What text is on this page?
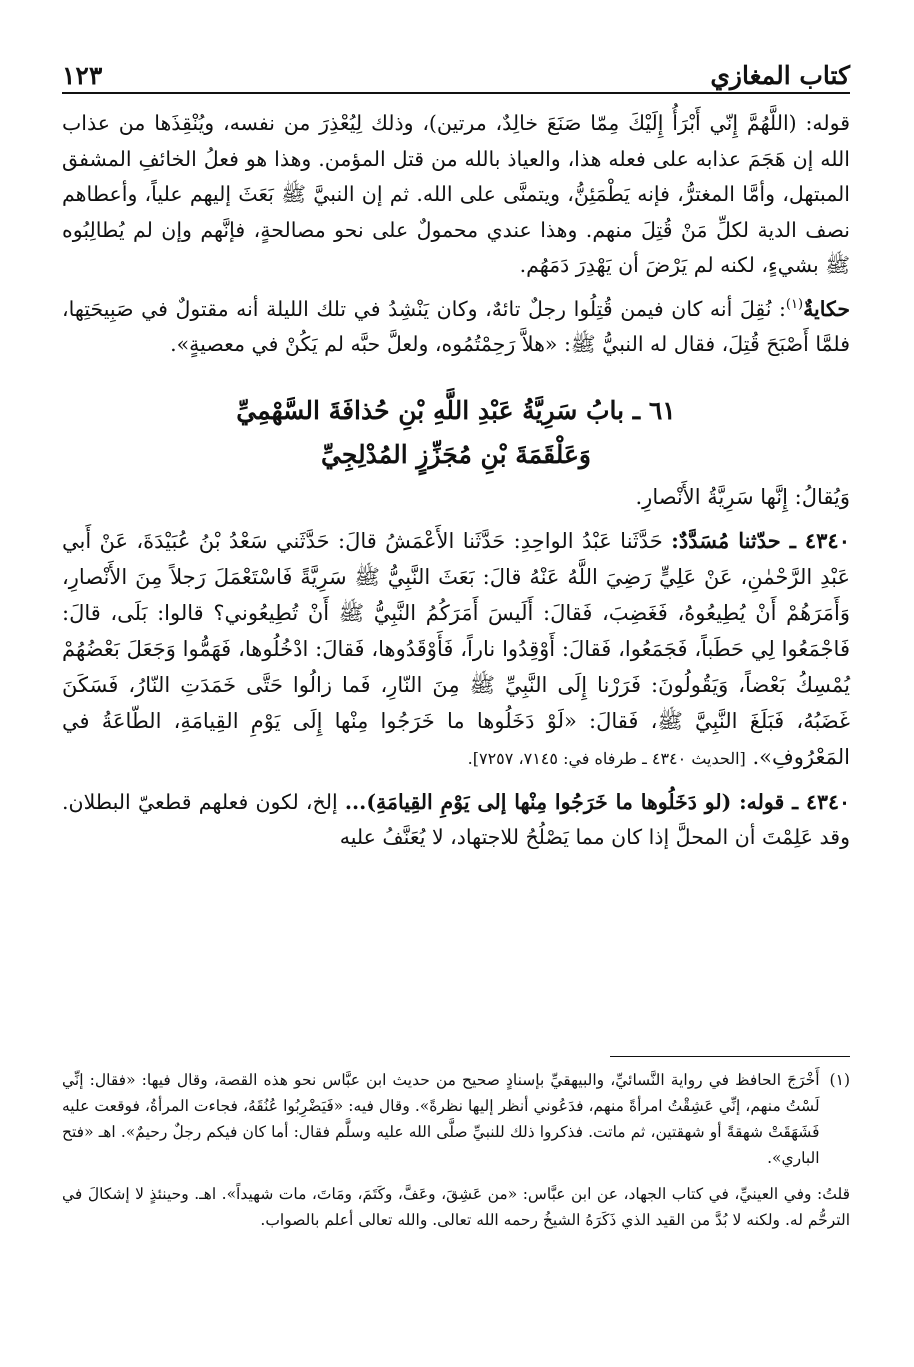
كتاب المغازي
١٢٣

قوله: (اللَّهُمَّ إِنّي أَبْرَأُ إِلَيْكَ مِمّا صَنَعَ خالِدٌ، مرتين)، وذلك لِيُعْذِرَ من نفسه، ويُنْقِذَها من عذاب الله إن هَجَمَ عذابه على فعله هذا، والعياذ بالله من قتل المؤمن. وهذا هو فعلُ الخائفِ المشفق المبتهل، وأمَّا المغترُّ، فإنه يَطْمَئِنُّ، ويتمنَّى على الله. ثم إن النبيَّ ﷺ بَعَثَ إليهم علياً، وأعطاهم نصف الدية لكلِّ مَنْ قُتِلَ منهم. وهذا عندي محمولٌ على نحو مصالحةٍ، فإنَّهم وإن لم يُطالِبُوه ﷺ بشيءٍ، لكنه لم يَرْضَ أن يَهْدِرَ دَمَهُم.

حكايةٌ$^{(١)}$: نُقِلَ أنه كان فيمن قُتِلُوا رجلٌ تائهٌ، وكان يَنْشِدُ في تلك الليلة أنه مقتولٌ في صَبِيحَتِها، فلمَّا أَصْبَحَ قُتِلَ، فقال له النبيُّ ﷺ: «هلاَّ رَحِمْتُمُوه، ولعلَّ حبَّه لم يَكُنْ في معصيةٍ».

٦١ ـ بابُ سَرِيَّةُ عَبْدِ اللَّهِ بْنِ حُذافَةَ السَّهْمِيِّ
وَعَلْقَمَةَ بْنِ مُجَزِّزٍ المُدْلِجِيِّ

وَيُقالُ: إِنَّها سَرِيَّةُ الأَنْصارِ.

٤٣٤٠ ـ حدّثنا مُسَدَّدٌ: حَدَّثَنا عَبْدُ الواحِدِ: حَدَّثَنا الأَعْمَشُ قالَ: حَدَّثَني سَعْدُ بْنُ عُبَيْدَةَ، عَنْ أَبي عَبْدِ الرَّحْمٰنِ، عَنْ عَلِيٍّ رَضِيَ اللَّهُ عَنْهُ قالَ: بَعَثَ النَّبِيُّ ﷺ سَرِيَّةً فَاسْتَعْمَلَ رَجلاً مِنَ الأَنْصارِ، وَأَمَرَهُمْ أَنْ يُطِيعُوهُ، فَغَضِبَ، فَقالَ: أَلَيسَ أَمَرَكُمُ النَّبِيُّ ﷺ أَنْ تُطِيعُوني؟ قالوا: بَلَى، قالَ: فَاجْمَعُوا لِي حَطَباً، فَجَمَعُوا، فَقالَ: أَوْقِدُوا ناراً، فَأَوْقَدُوها، فَقالَ: ادْخُلُوها، فَهَمُّوا وَجَعَلَ بَعْضُهُمْ يُمْسِكُ بَعْضاً، وَيَقُولُونَ: فَرَرْنا إِلَى النَّبِيِّ ﷺ مِنَ النّارِ، فَما زالُوا حَتَّى خَمَدَتِ النّارُ، فَسَكَنَ غَضَبُهُ، فَبَلَغَ النَّبِيَّ ﷺ، فَقالَ: «لَوْ دَخَلُوها ما خَرَجُوا مِنْها إِلَى يَوْمِ القِيامَةِ، الطّاعَةُ في المَعْرُوفِ». [الحديث ٤٣٤٠ ـ طرفاه في: ٧١٤٥، ٧٢٥٧].

٤٣٤٠ ـ قوله: (لو دَخَلُوها ما خَرَجُوا مِنْها إلى يَوْمِ القِيامَةِ)... إلخ، لكون فعلهم قطعيّ البطلان. وقد عَلِمْتَ أن المحلَّ إذا كان مما يَصْلُحُ للاجتهاد، لا يُعَنَّفُ عليه

(١)
أَخْرَجَ الحافظ في رواية النَّسائيِّ، والبيهقيِّ بإسنادٍ صحيح من حديث ابن عبَّاس نحو هذه القصة، وقال فيها: «فقال: إنِّي لَسْتُ منهم، إنِّي عَشِقْتُ امرأةً منهم، فدَعُوني أنظر إليها نظرةً». وقال فيه: «فَيَضْرِبُوا عُنُقَهُ، فجاءت المرأةُ، فوقعت عليه فَشَهَقَتْ شهقةً أو شهقتين، ثم ماتت. فذكروا ذلك للنبيِّ صلَّى الله عليه وسلَّم فقال: أما كان فيكم رجلٌ رحيمٌ». اهـ «فتح الباري».

قلتُ: وفي العينيِّ، في كتاب الجهاد، عن ابن عبَّاس: «من عَشِقَ، وعَفَّ، وكَتَمَ، ومَاتَ، مات شهيداً». اهـ. وحينئذٍ لا إشكالَ في الترحُّم له. ولكنه لا بُدَّ من القيد الذي ذَكَرَهُ الشيخُ رحمه الله تعالى. والله تعالى أعلم بالصواب.
